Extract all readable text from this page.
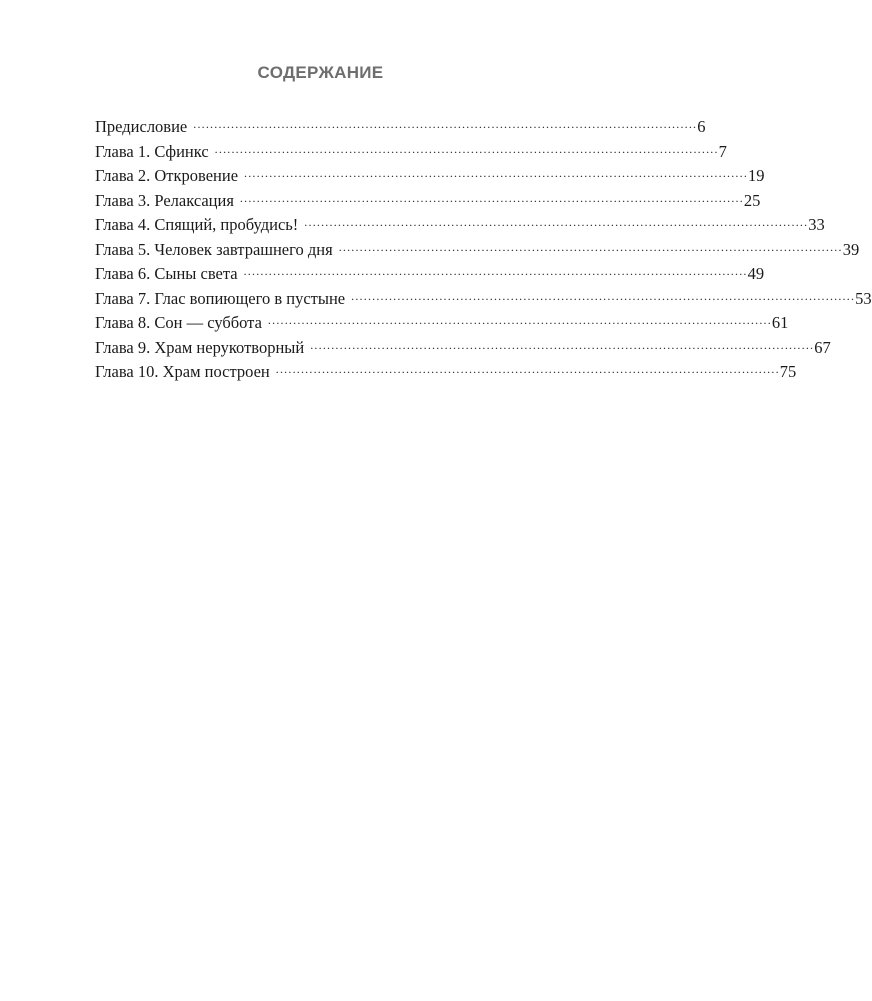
СОДЕРЖАНИЕ
Предисловие ........................................................................................................................ 6
Глава 1. Сфинкс ........................................................................................................................ 7
Глава 2. Откровение ........................................................................................................................ 19
Глава 3. Релаксация ........................................................................................................................ 25
Глава 4. Спящий, пробудись! ........................................................................................................................ 33
Глава 5. Человек завтрашнего дня ........................................................................................................................ 39
Глава 6. Сыны света ........................................................................................................................ 49
Глава 7. Глас вопиющего в пустыне ........................................................................................................................ 53
Глава 8. Сон — суббота ........................................................................................................................ 61
Глава 9. Храм нерукотворный ........................................................................................................................ 67
Глава 10. Храм построен ........................................................................................................................ 75
